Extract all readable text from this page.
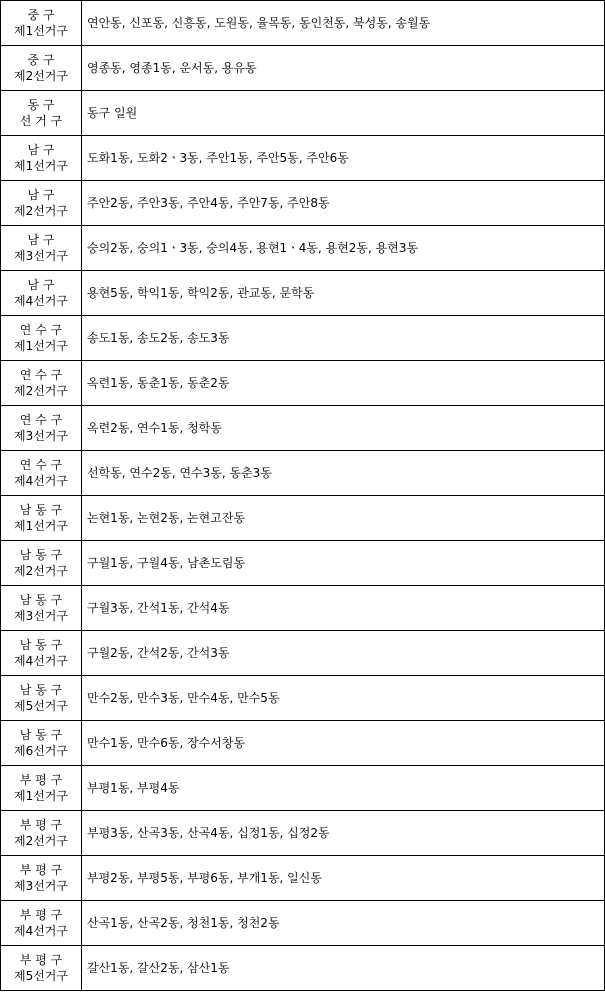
중 구
제1선거구	연안동, 신포동, 신흥동, 도원동, 율목동, 동인천동, 북성동, 송월동

중 구
제2선거구	영종동, 영종1동, 운서동, 용유동

동 구
선 거 구	동구 일원

남 구
제1선거구	도화1동, 도화2ㆍ3동, 주안1동, 주안5동, 주안6동

남 구
제2선거구	주안2동, 주안3동, 주안4동, 주안7동, 주안8동

남 구
제3선거구	숭의2동, 숭의1ㆍ3동, 숭의4동, 용현1ㆍ4동, 용현2동, 용현3동

남 구
제4선거구	용현5동, 학익1동, 학익2동, 관교동, 문학동

연 수 구
제1선거구	송도1동, 송도2동, 송도3동

연 수 구
제2선거구	옥련1동, 동춘1동, 동춘2동

연 수 구
제3선거구	옥련2동, 연수1동, 청학동

연 수 구
제4선거구	선학동, 연수2동, 연수3동, 동춘3동

남 동 구
제1선거구	논현1동, 논현2동, 논현고잔동

남 동 구
제2선거구	구월1동, 구월4동, 남촌도림동

남 동 구
제3선거구	구월3동, 간석1동, 간석4동

남 동 구
제4선거구	구월2동, 간석2동, 간석3동

남 동 구
제5선거구	만수2동, 만수3동, 만수4동, 만수5동

남 동 구
제6선거구	만수1동, 만수6동, 장수서창동

부 평 구
제1선거구	부평1동, 부평4동

부 평 구
제2선거구	부평3동, 산곡3동, 산곡4동, 십정1동, 십정2동

부 평 구
제3선거구	부평2동, 부평5동, 부평6동, 부개1동, 일신동

부 평 구
제4선거구	산곡1동, 산곡2동, 청천1동, 청천2동

부 평 구
제5선거구	갈산1동, 갈산2동, 삼산1동
